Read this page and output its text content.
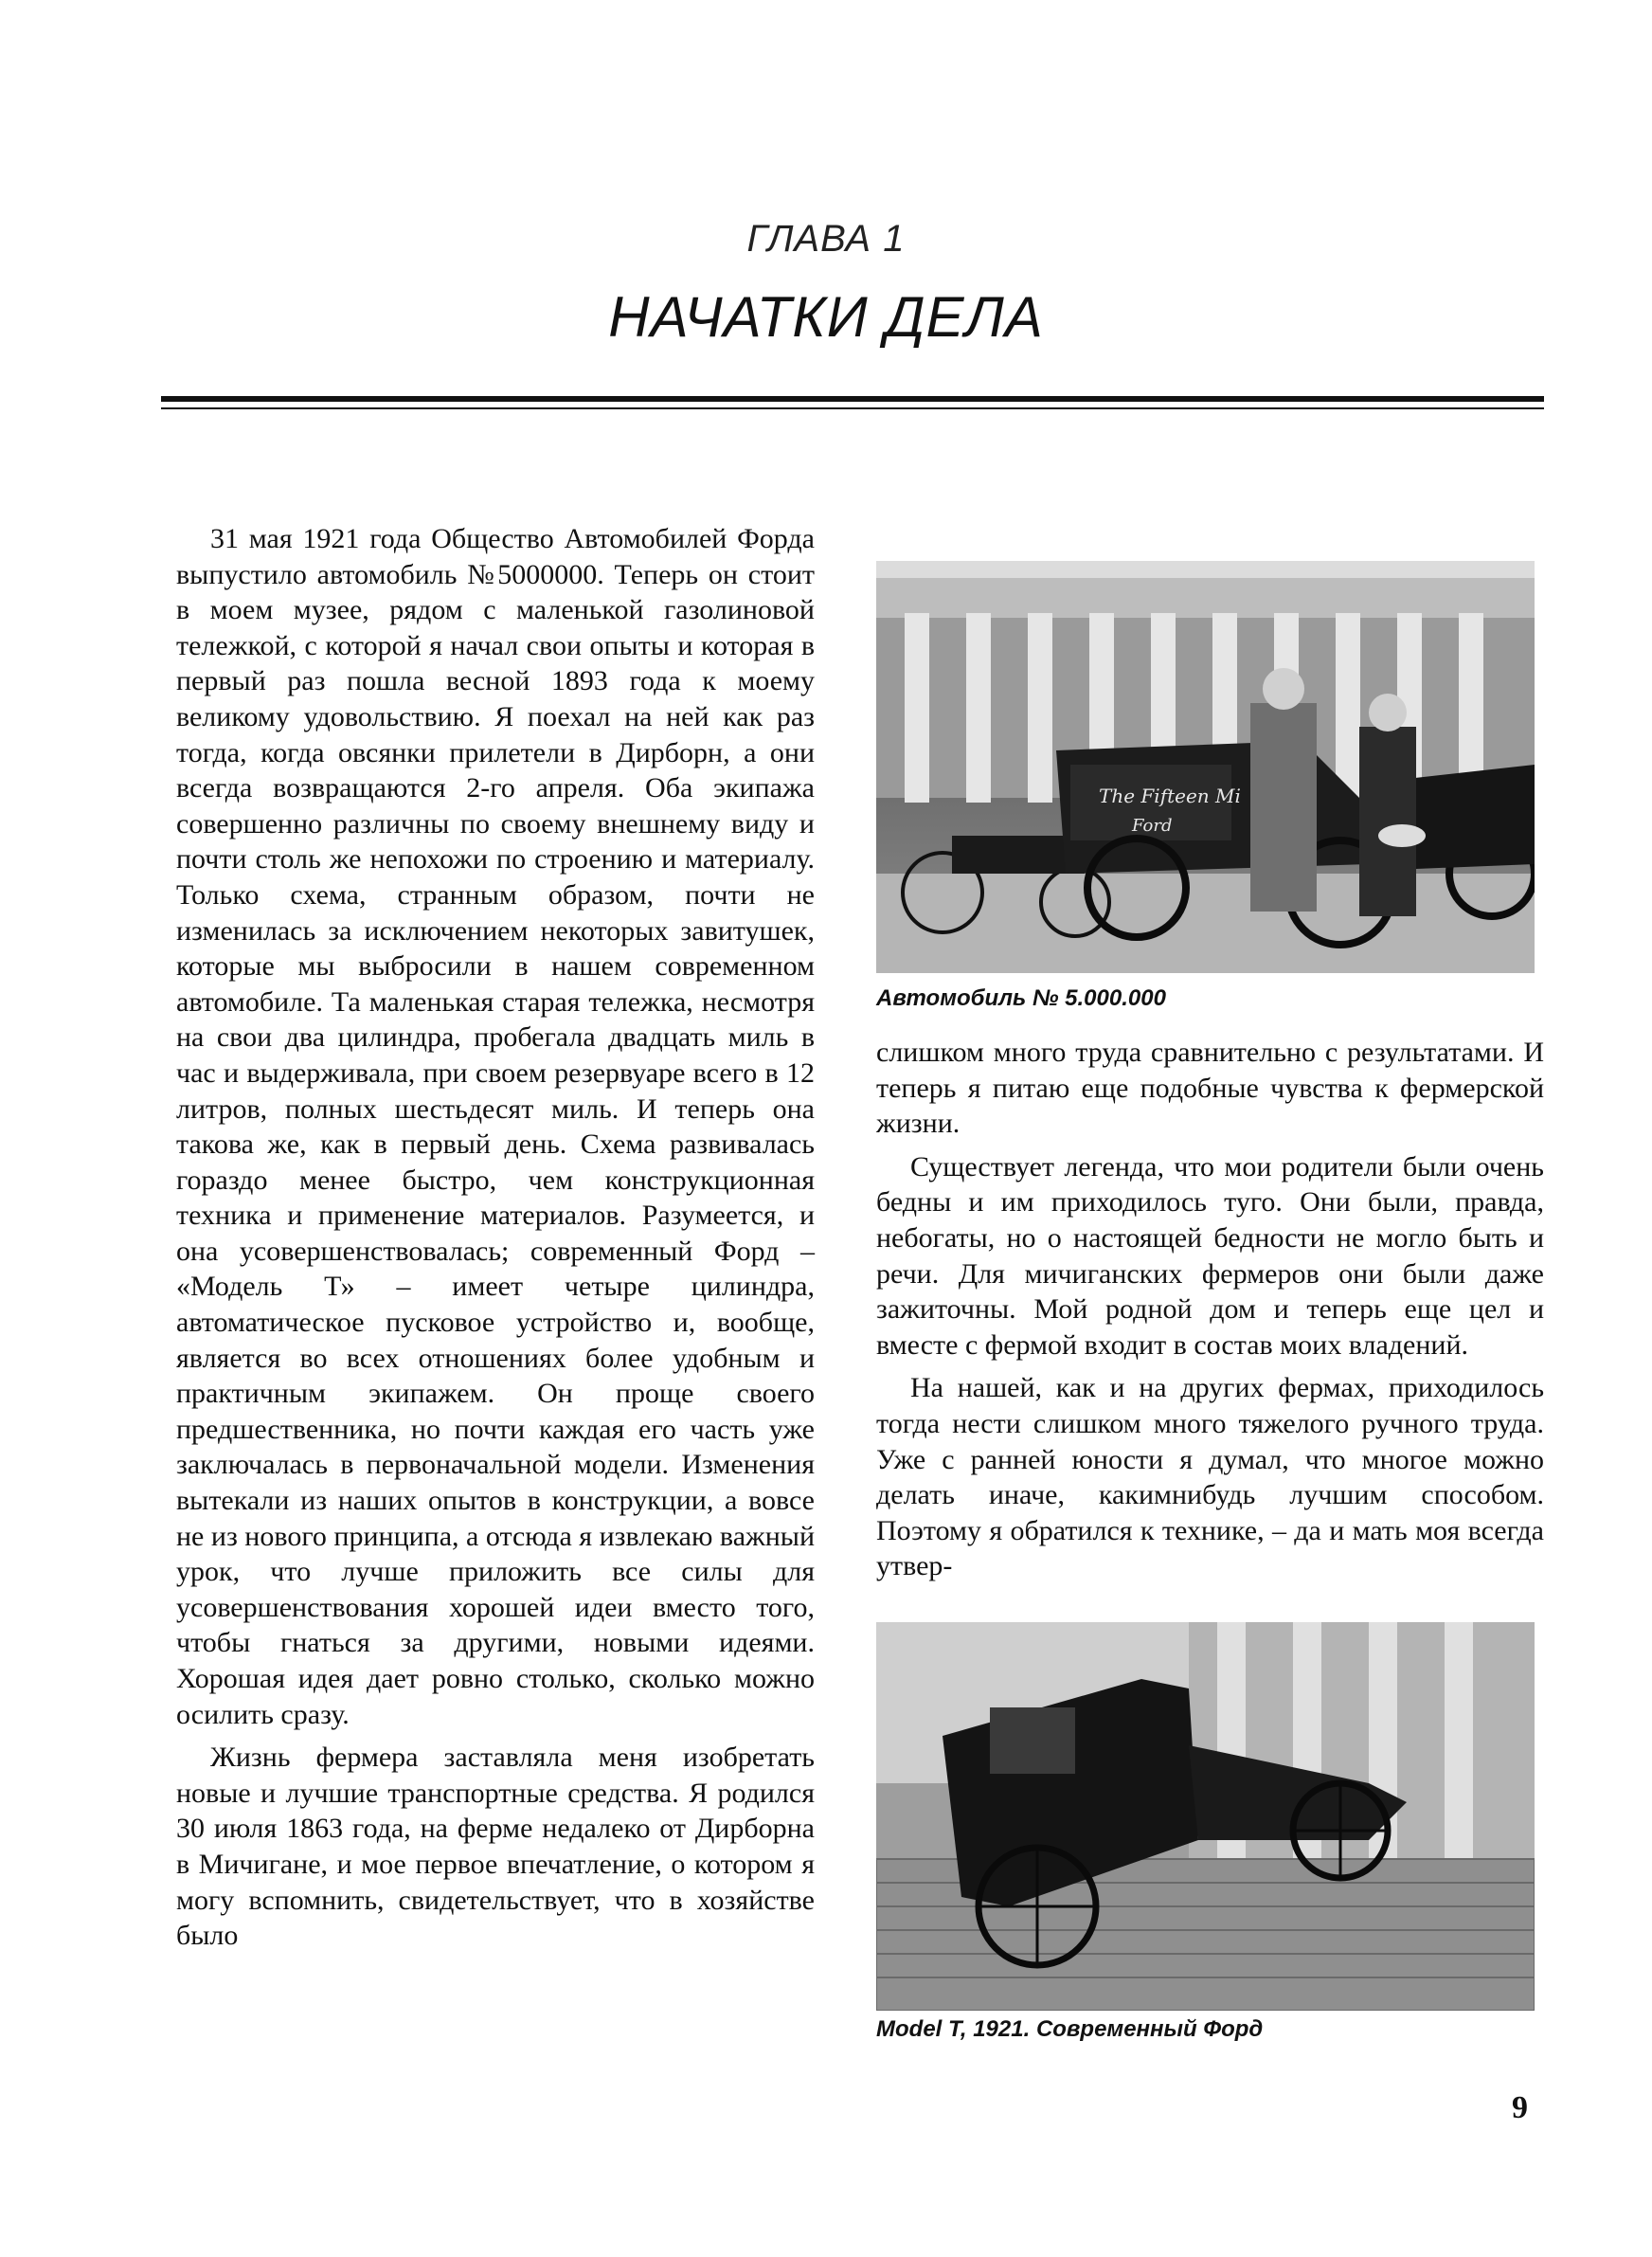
ГЛАВА 1
НАЧАТКИ ДЕЛА

31 мая 1921 года Общество Автомобилей Форда выпустило автомобиль №5000000. Теперь он стоит в моем музее, рядом с маленькой газолиновой тележкой, с которой я начал свои опыты и которая в первый раз пошла весной 1893 года к моему великому удовольствию. Я поехал на ней как раз тогда, когда овсянки прилетели в Дирборн, а они всегда возвращаются 2-го апреля. Оба экипажа совершенно различны по своему внешнему виду и почти столь же непохожи по строению и материалу. Только схема, странным образом, почти не изменилась за исключением некоторых завитушек, которые мы выбросили в нашем современном автомобиле. Та маленькая старая тележка, несмотря на свои два цилиндра, пробегала двадцать миль в час и выдерживала, при своем резервуаре всего в 12 литров, полных шестьдесят миль. И теперь она такова же, как в первый день. Схема развивалась гораздо менее быстро, чем конструкционная техника и применение материалов. Разумеется, и она усовершенствовалась; современный Форд – «Модель Т» – имеет четыре цилиндра, автоматическое пусковое устройство и, вообще, является во всех отношениях более удобным и практичным экипажем. Он проще своего предшественника, но почти каждая его часть уже заключалась в первоначальной модели. Изменения вытекали из наших опытов в конструкции, а вовсе не из нового принципа, а отсюда я извлекаю важный урок, что лучше приложить все силы для усовершенствования хорошей идеи вместо того, чтобы гнаться за другими, новыми идеями. Хорошая идея дает ровно столько, сколько можно осилить сразу.

Жизнь фермера заставляла меня изобретать новые и лучшие транспортные средства. Я родился 30 июля 1863 года, на ферме недалеко от Дирборна в Мичигане, и мое первое впечатление, о котором я могу вспомнить, свидетельствует, что в хозяйстве было

The Fifteen Mi
Ford
Автомобиль № 5.000.000

слишком много труда сравнительно с результатами. И теперь я питаю еще подобные чувства к фермерской жизни.

Существует легенда, что мои родители были очень бедны и им приходилось туго. Они были, правда, небогаты, но о настоящей бедности не могло быть и речи. Для мичиганских фермеров они были даже зажиточны. Мой родной дом и теперь еще цел и вместе с фермой входит в состав моих владений.

На нашей, как и на других фермах, приходилось тогда нести слишком много тяжелого ручного труда. Уже с ранней юности я думал, что многое можно делать иначе, какимнибудь лучшим способом. Поэтому я обратился к технике, – да и мать моя всегда утвер-

Model T, 1921. Современный Форд
9
